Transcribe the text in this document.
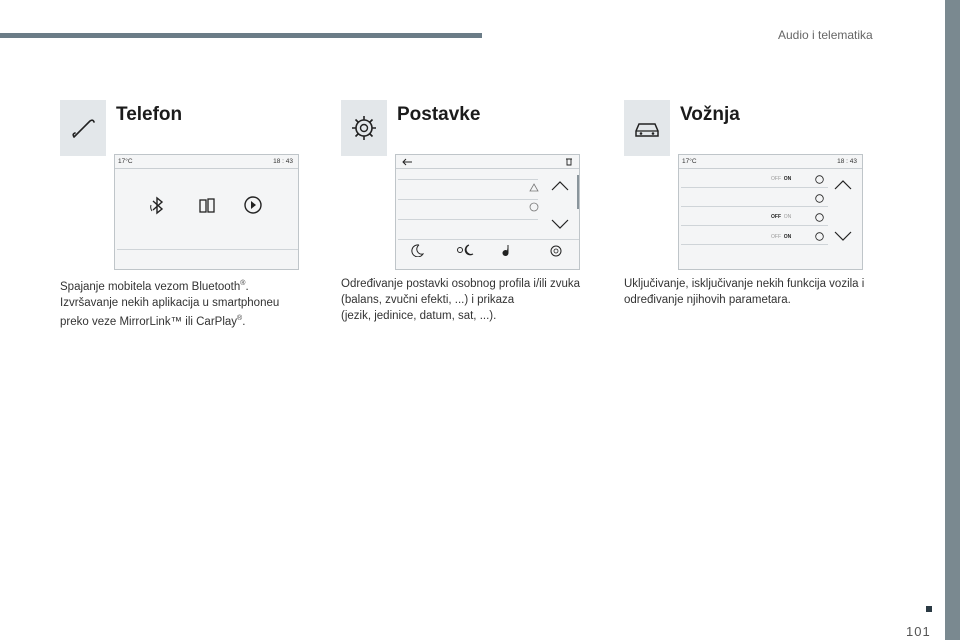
Audio i telematika
101
Telefon
17°C	18 : 43
Spajanje mobitela vezom Bluetooth®.
Izvršavanje nekih aplikacija u smartphoneu
preko veze MirrorLink™ ili CarPlay®.
Postavke
Određivanje postavki osobnog profila i/ili zvuka
(balans, zvučni efekti, ...) i prikaza
(jezik, jedinice, datum, sat, ...).
Vožnja
17°C	18 : 43
OFF ON
OFF ON
OFF ON
Uključivanje, isključivanje nekih funkcija vozila i
određivanje njihovih parametara.
